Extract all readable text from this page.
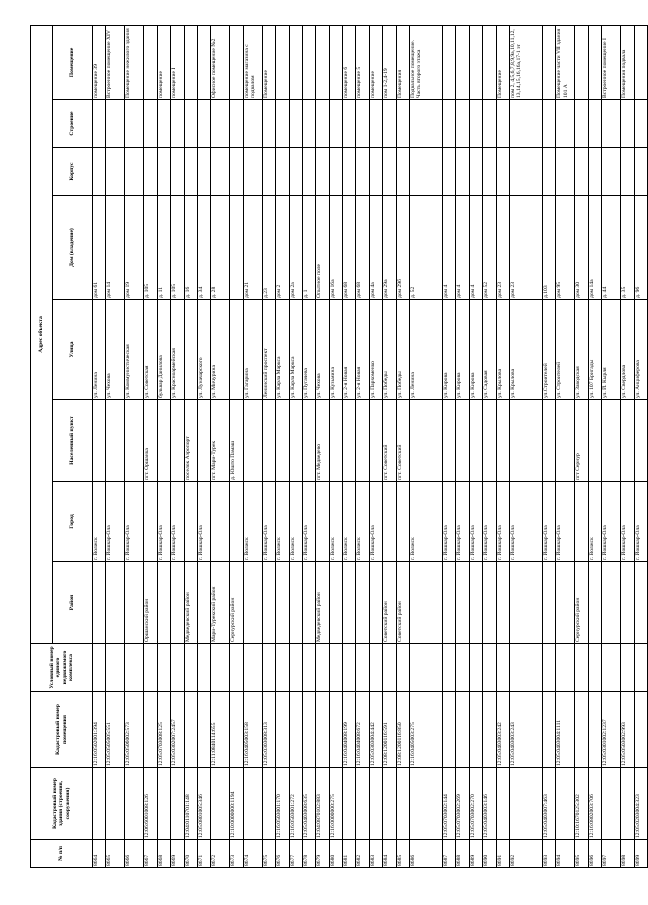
№ п/п	Кадастровый номер здания (строения, сооружения)	Кадастровый номер помещения	Условный номер единого недвижимого комплекса	Адрес объекта							
				Район	Город	Населенный пункт	Улица	Дом (владение)	Корпус	Строение	Помещение
8664		12:16:0502001:394			г. Волжск		ул. Ленина	дом 61			помещение 39
8665		12:05:0505005:551			г. Йошкар-Ола		ул. Чехова	дом 14			Встроенное помещение XIV
8666		12:05:0506002:573			г. Йошкар-Ола		ул. Коммунистическая	дом 19			Помещение нежилого здания
8667	12:06:6001008:126			Оршанский район		пгт. Оршанка	ул. Советская	д. 105			
8668		12:05:0703008:125			г. Йошкар-Ола		бульвар Данилова	д. 11			помещение
8669		12:05:0302007:2457			г. Йошкар-Ола		ул. Красноармейская	д. 105			помещение I
8670	12:04:0110701:148			Медведевский район		поселок Аэропорт		д. 16			
8671	12:05:0801005:346				г. Йошкар-Ола		ул. Луначарского	д. 34			
8672		12:11:0840114:655		Мари-Турекский район		пгт. Мари-Турек	ул. Мичурина	д. 28			Офисное помещение №2
8673	12:10:0000000:1194			Сернурский район		д. Юшто Памаш					
8674		12:16:0405003:158			г. Волжск		ул. Гагарина	дом 21			помещение магазина с подвалом
8675		12:05:0303008:313			г. Йошкар-Ола		Ленинский проспект	д.23			Помещение
8676	12:16:0503001:170				г. Волжск		ул. Карла Маркса	дом 2			
8677	12:16:0503001:272				г. Волжск		ул. Карла Маркса	дом 2а			
8678	12:05:0403008:635				г. Йошкар-Ола		ул. Пугачева	д. 1			
8679	12:04:0870102:883			Медведевский район		пгт. Медведево	ул. Чехова	Опытное поле			
8680	12:16:0000000:275				г. Волжск		ул. Кузьмина	дом 16а			
8681		12:16:0404008:199			г. Волжск		ул. 2-я Новая	дом 68			помещение 6
8682		12:16:0404008:672			г. Волжск		ул. 2-я Новая	дом 68			помещение 5
8683		12:05:0303004:442			г. Йошкар-Ола		ул. Пархоменко	дом 4а			помещение
8684		12:08:1200116:591		Советский район		пгт. Советский	ул. Победы	дом 29а			пом 1-2,4-19
8685		12:08:1200116:850		Советский район		пгт. Советский	ул. Победы	дом 29б			Помещения
8686		12:16:0405003:275			г. Волжск		ул. Ленина	д. 52			Подвальное помещение. Часть второго этажа
8687	12:05:0703002:144				г. Йошкар-Ола		ул. Кирова	дом 4			
8688	12:05:0703002:269				г. Йошкар-Ола		ул. Кирова	дом 4			
8689	12:05:0703002:270				г. Йошкар-Ола		ул. Кирова	дом 4			
8690	12:05:0403003:146				г. Йошкар-Ола		ул. Садовая	дом 52			
8691		12:05:0403003:242			г. Йошкар-Ола		ул. Крылова	дом 23			Помещение
8692		12:05:0403003:243			г. Йошкар-Ола		ул. Крылова	дом 23			пом 2, 4,5,6,7,8,9,9а,10,11,12, 13,14,15,16,16а,17-1 эт
8693	12:05:0403007:463				г. Йошкар-Ола		ул.Строителей	д.103			
8694		12:05:0403004:1111			г. Йошкар-Ола		ул. Строителей	дом 95			Помещение части VII здания 101 А
8695	12:10:1670125:302			Сернурский район		пгт Сернур	ул. Заводская	дом 30			
8696	12:16:0802003:706				г. Волжск		ул. 107 Бригады	дом 14а			
8697		12:05:0301002:1237			г. Йошкар-Ола		ул. Й. Кырля	д. 44			Встроенное помещение I
8698		12:05:0503002:993			г. Йошкар-Ола		ул. Свердлова	д. 35			Помещения подвала
8699	12:05:0203004:323				г. Йошкар-Ола		ул. Анциферова	д. 96			
